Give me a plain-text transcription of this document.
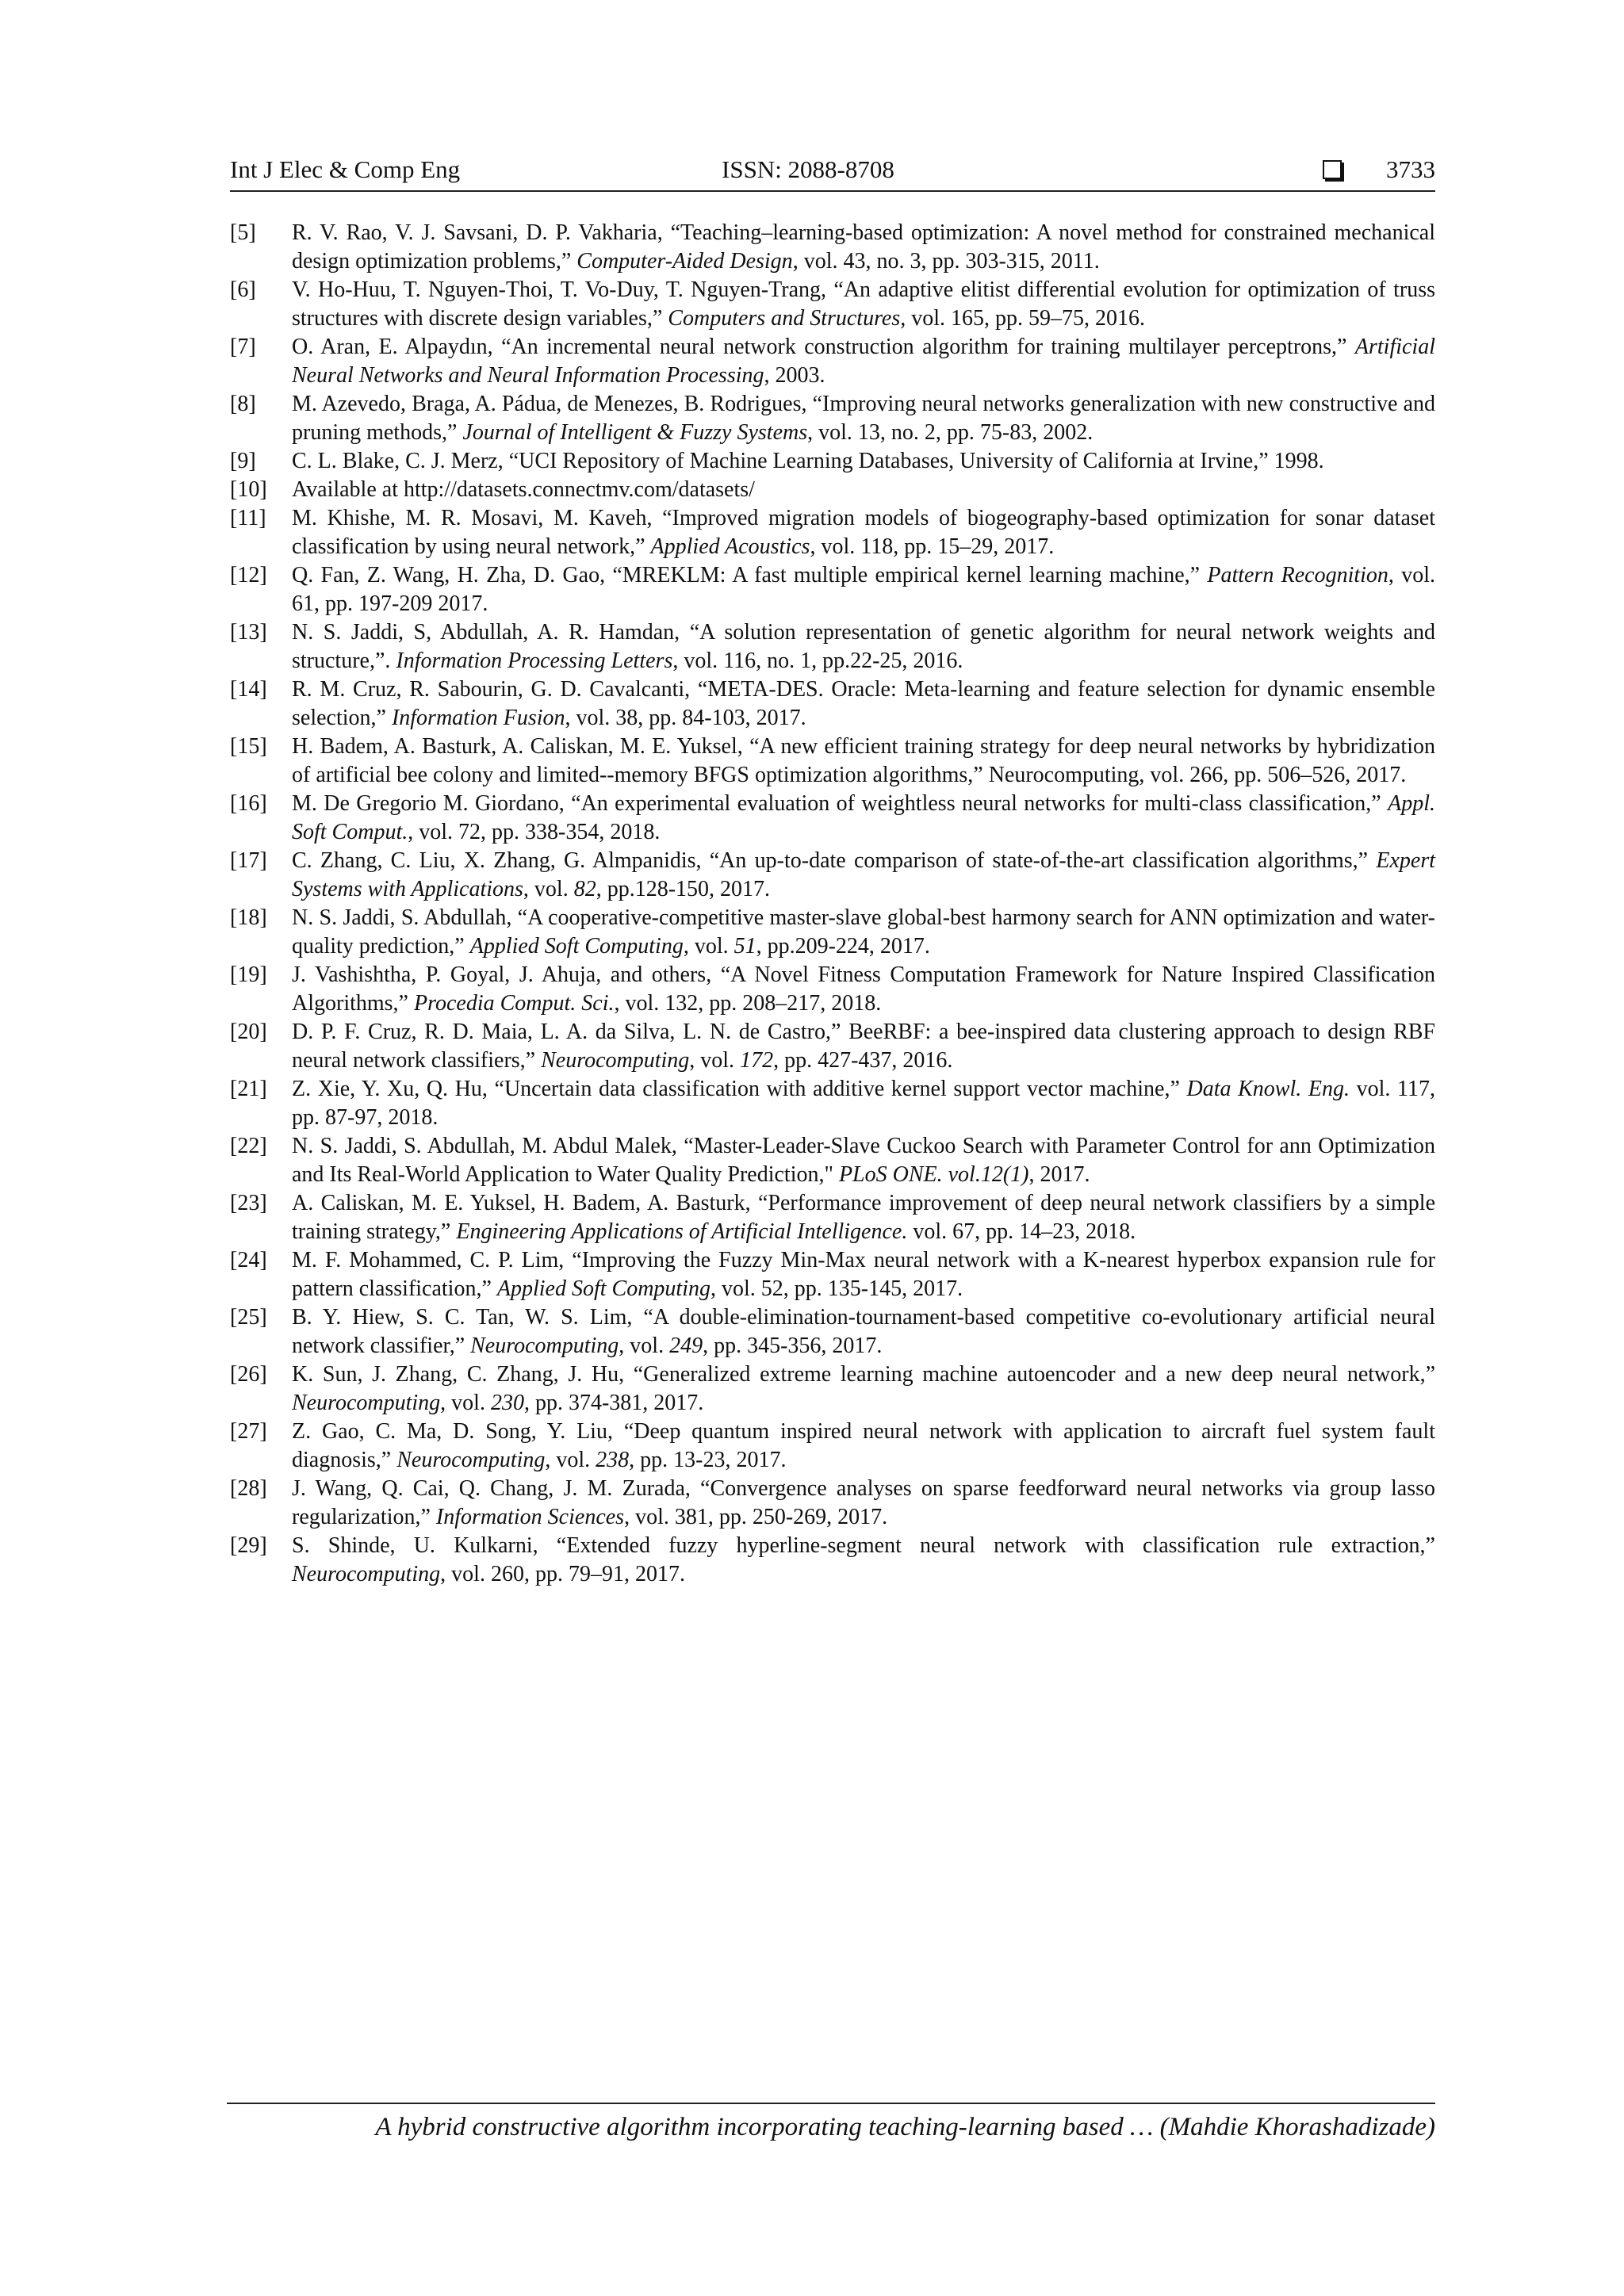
Int J Elec & Comp Eng	ISSN: 2088-8708	3733
[5]	R. V. Rao, V. J. Savsani, D. P. Vakharia, “Teaching–learning-based optimization: A novel method for constrained mechanical design optimization problems,” Computer-Aided Design, vol. 43, no. 3, pp. 303-315, 2011.
[6]	V. Ho-Huu, T. Nguyen-Thoi, T. Vo-Duy, T. Nguyen-Trang, “An adaptive elitist differential evolution for optimization of truss structures with discrete design variables,” Computers and Structures, vol. 165, pp. 59–75, 2016.
[7]	O. Aran, E. Alpaydın, “An incremental neural network construction algorithm for training multilayer perceptrons,” Artificial Neural Networks and Neural Information Processing, 2003.
[8]	M. Azevedo, Braga, A. Pádua, de Menezes, B. Rodrigues, “Improving neural networks generalization with new constructive and pruning methods,” Journal of Intelligent & Fuzzy Systems, vol. 13, no. 2, pp. 75-83, 2002.
[9]	C. L. Blake, C. J. Merz, “UCI Repository of Machine Learning Databases, University of California at Irvine,” 1998.
[10]	Available at http://datasets.connectmv.com/datasets/
[11]	M. Khishe, M. R. Mosavi, M. Kaveh, “Improved migration models of biogeography-based optimization for sonar dataset classification by using neural network,” Applied Acoustics, vol. 118, pp. 15–29, 2017.
[12]	Q. Fan, Z. Wang, H. Zha, D. Gao, “MREKLM: A fast multiple empirical kernel learning machine,” Pattern Recognition, vol. 61, pp. 197-209 2017.
[13]	N. S. Jaddi, S, Abdullah, A. R. Hamdan, “A solution representation of genetic algorithm for neural network weights and structure,”. Information Processing Letters, vol. 116, no. 1, pp.22-25, 2016.
[14]	R. M. Cruz, R. Sabourin, G. D. Cavalcanti, “META-DES. Oracle: Meta-learning and feature selection for dynamic ensemble selection,” Information Fusion, vol. 38, pp. 84-103, 2017.
[15]	H. Badem, A. Basturk, A. Caliskan, M. E. Yuksel, “A new efficient training strategy for deep neural networks by hybridization of artificial bee colony and limited--memory BFGS optimization algorithms,” Neurocomputing, vol. 266, pp. 506–526, 2017.
[16]	M. De Gregorio M. Giordano, “An experimental evaluation of weightless neural networks for multi-class classification,” Appl. Soft Comput., vol. 72, pp. 338-354, 2018.
[17]	C. Zhang, C. Liu, X. Zhang, G. Almpanidis, “An up-to-date comparison of state-of-the-art classification algorithms,” Expert Systems with Applications, vol. 82, pp.128-150, 2017.
[18]	N. S. Jaddi, S. Abdullah, “A cooperative-competitive master-slave global-best harmony search for ANN optimization and water-quality prediction,” Applied Soft Computing, vol. 51, pp.209-224, 2017.
[19]	J. Vashishtha, P. Goyal, J. Ahuja, and others, “A Novel Fitness Computation Framework for Nature Inspired Classification Algorithms,” Procedia Comput. Sci., vol. 132, pp. 208–217, 2018.
[20]	D. P. F. Cruz, R. D. Maia, L. A. da Silva, L. N. de Castro,” BeeRBF: a bee-inspired data clustering approach to design RBF neural network classifiers,” Neurocomputing, vol. 172, pp. 427-437, 2016.
[21]	Z. Xie, Y. Xu, Q. Hu, “Uncertain data classification with additive kernel support vector machine,” Data Knowl. Eng. vol. 117, pp. 87-97, 2018.
[22]	N. S. Jaddi, S. Abdullah, M. Abdul Malek, “Master-Leader-Slave Cuckoo Search with Parameter Control for ann Optimization and Its Real-World Application to Water Quality Prediction," PLoS ONE. vol.12(1), 2017.
[23]	A. Caliskan, M. E. Yuksel, H. Badem, A. Basturk, “Performance improvement of deep neural network classifiers by a simple training strategy,” Engineering Applications of Artificial Intelligence. vol. 67, pp. 14–23, 2018.
[24]	M. F. Mohammed, C. P. Lim, “Improving the Fuzzy Min-Max neural network with a K-nearest hyperbox expansion rule for pattern classification,” Applied Soft Computing, vol. 52, pp. 135-145, 2017.
[25]	B. Y. Hiew, S. C. Tan, W. S. Lim, “A double-elimination-tournament-based competitive co-evolutionary artificial neural network classifier,” Neurocomputing, vol. 249, pp. 345-356, 2017.
[26]	K. Sun, J. Zhang, C. Zhang, J. Hu, “Generalized extreme learning machine autoencoder and a new deep neural network,” Neurocomputing, vol. 230, pp. 374-381, 2017.
[27]	Z. Gao, C. Ma, D. Song, Y. Liu, “Deep quantum inspired neural network with application to aircraft fuel system fault diagnosis,” Neurocomputing, vol. 238, pp. 13-23, 2017.
[28]	J. Wang, Q. Cai, Q. Chang, J. M. Zurada, “Convergence analyses on sparse feedforward neural networks via group lasso regularization,” Information Sciences, vol. 381, pp. 250-269, 2017.
[29]	S. Shinde, U. Kulkarni, “Extended fuzzy hyperline-segment neural network with classification rule extraction,” Neurocomputing, vol. 260, pp. 79–91, 2017.
A hybrid constructive algorithm incorporating teaching-learning based … (Mahdie Khorashadizade)
